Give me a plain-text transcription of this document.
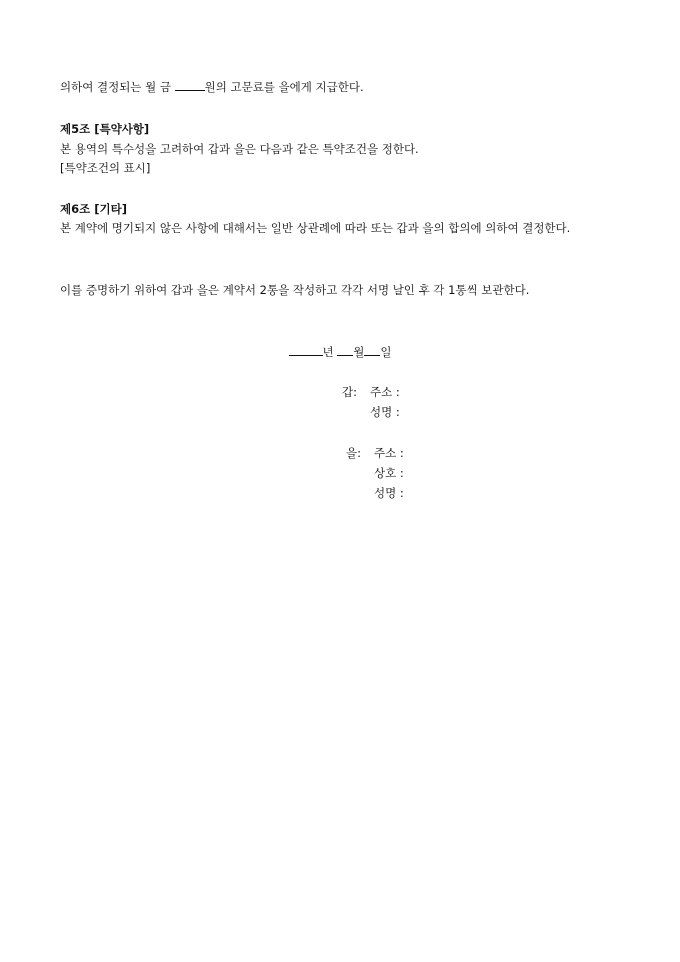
의하여 결정되는 월 금	원의 고문료를 을에게 지급한다.
제5조 [특약사항]
본 용역의 특수성을 고려하여 갑과 을은 다음과 같은 특약조건을 정한다.
[특약조건의 표시]
제6조 [기타]
본 계약에 명기되지 않은 사항에 대해서는 일반 상관례에 따라 또는 갑과 을의 합의에 의하여 결정한다.
이를 증명하기 위하여 갑과 을은 계약서 2통을 작성하고 각각 서명 날인 후 각 1통씩 보관한다.
년 월 일
갑: 주소 :
성명 :
을: 주소 :
상호 :
성명 :
